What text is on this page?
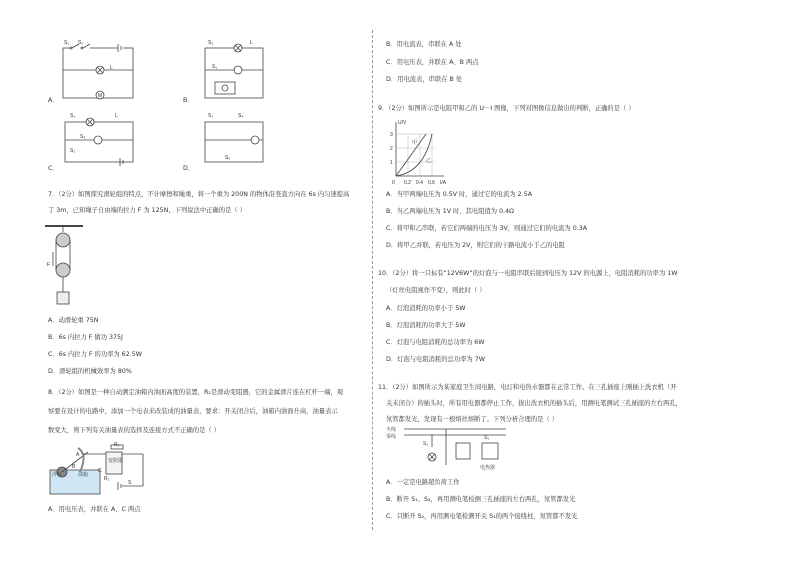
S₁ S₂
L
M
A．
S₂	L
S₁
B．
S₁	L
S₃
S₂
C．
S₁	S₄
S₂
D．
7．（2分）如图探究滑轮组的特点，不计摩擦和绳重，将一个重为 200N 的物体沿竖直方向在 6s 内匀速提高
了 3m，已知绳子自由端的拉力 F 为 125N，下列说法中正确的是（ ）
F
A．动滑轮重 75N
B．6s 内拉力 F 做功 375J
C．6s 内拉力 F 的功率为 62.5W
D．滑轮组的机械效率为 80%
8．（2分）如图是一种自动测定油箱内油面高度的装置，R₂是滑动变阻器，它的金属滑片连在杠杆一端，观
察要在设计的电路中，添加一个电表来改装成的油量表，要求：开关闭合后，油箱内油面升高，油量表示
数变大，则下列有关油量表的选择及连接方式不正确的是（ ）
A
B
R₁
R₂
C
S
浮标	油箱
变阻器
A．用电压表，并联在 A、C 两点
B．用电流表，串联在 A 处
C．用电压表，并联在 A、B 两点
D．用电流表，串联在 B 处
9．（2分）如图所示是电阻甲和乙的 U－I 图像，下列对图像信息做出的判断，正确的是（ ）
U/V
I/A
1
2
3
0 0.2 0.4 0.6
甲
乙
A．当甲两端电压为 0.5V 时，通过它的电流为 2.5A
B．当乙两端电压为 1V 时，其电阻值为 0.4Ω
C．将甲和乙串联，若它们两端的电压为 3V，则通过它们的电流为 0.3A
D．将甲乙并联，若电压为 2V，则它们的干路电流小于乙的电阻
10．（2分）将一只标有“12V6W”的灯泡与一电阻串联后接到电压为 12V 的电源上，电阻消耗的功率为 1W
（灯丝电阻视作不变），则此时（ ）
A．灯泡消耗的功率小于 5W
B．灯泡消耗的功率大于 5W
C．灯泡与电阻消耗的总功率为 6W
D．灯泡与电阻消耗的总功率为 7W
11．（2分）如图所示为某家庭卫生间电路，电灯和电热水器都在正常工作。在三孔插座上刚插上洗衣机（开
关未闭合）的插头时，所有用电器都停止工作，拔出洗衣机的插头后，用测电笔测试三孔插座的左右两孔，
氖管都发光，发现有一根熔丝熔断了。下列分析合理的是（ ）
火线
零线
S₁
S₂
电热器
A．一定是电路超负荷工作
B．断开 S₁、S₂，再用测电笔检测三孔插座的左右两孔，氖管都发光
C．只断开 S₂，再用测电笔检测开关 S₁的两个接线柱，氖管都不发光
